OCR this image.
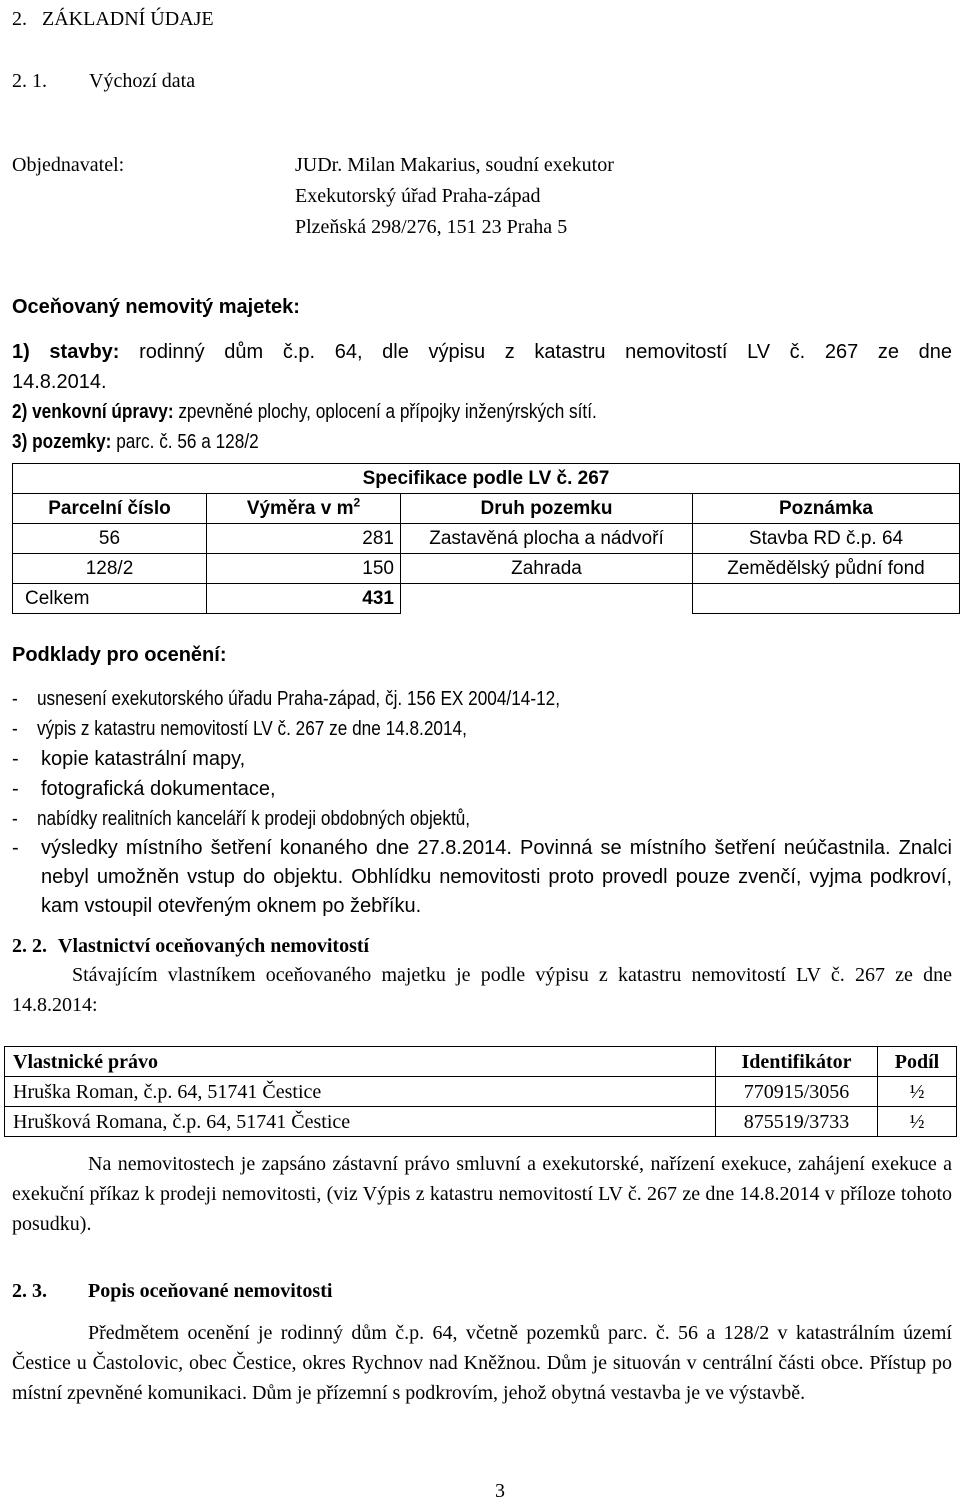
2. ZÁKLADNÍ ÚDAJE
2. 1. Výchozí data
Objednavatel:	JUDr. Milan Makarius, soudní exekutor
Exekutorský úřad Praha-západ
Plzeňská 298/276, 151 23 Praha 5
Oceňovaný nemovitý majetek:
1) stavby: rodinný dům č.p. 64, dle výpisu z katastru nemovitostí LV č. 267 ze dne
14.8.2014.
2) venkovní úpravy: zpevněné plochy, oplocení a přípojky inženýrských sítí.
3) pozemky: parc. č. 56 a 128/2
Specifikace podle LV č. 267			
Parcelní číslo	Výměra v $m^2$	Druh pozemku	Poznámka
56	281	Zastavěná plocha a nádvoří	Stavba RD č.p. 64
128/2	150	Zahrada	Zemědělský půdní fond
Celkem	431		
Podklady pro ocenění:
- usnesení exekutorského úřadu Praha-západ, čj. 156 EX 2004/14-12,
- výpis z katastru nemovitostí LV č. 267 ze dne 14.8.2014,
- kopie katastrální mapy,
- fotografická dokumentace,
- nabídky realitních kanceláří k prodeji obdobných objektů,
- výsledky místního šetření konaného dne 27.8.2014. Povinná se místního šetření neúčastnila. Znalci nebyl umožněn vstup do objektu. Obhlídku nemovitosti proto provedl pouze zvenčí, vyjma podkroví, kam vstoupil otevřeným oknem po žebříku.
2. 2. Vlastnictví oceňovaných nemovitostí
Stávajícím vlastníkem oceňovaného majetku je podle výpisu z katastru nemovitostí LV č. 267 ze dne 14.8.2014:
Vlastnické právo	Identifikátor	Podíl
Hruška Roman, č.p. 64, 51741 Čestice	770915/3056	½
Hrušková Romana, č.p. 64, 51741 Čestice	875519/3733	½
Na nemovitostech je zapsáno zástavní právo smluvní a exekutorské, nařízení exekuce, zahájení exekuce a exekuční příkaz k prodeji nemovitosti, (viz Výpis z katastru nemovitostí LV č. 267 ze dne 14.8.2014 v příloze tohoto posudku).
2. 3. Popis oceňované nemovitosti
Předmětem ocenění je rodinný dům č.p. 64, včetně pozemků parc. č. 56 a 128/2 v katastrálním území Čestice u Častolovic, obec Čestice, okres Rychnov nad Kněžnou. Dům je situován v centrální části obce. Přístup po místní zpevněné komunikaci. Dům je přízemní s podkrovím, jehož obytná vestavba je ve výstavbě.
3
